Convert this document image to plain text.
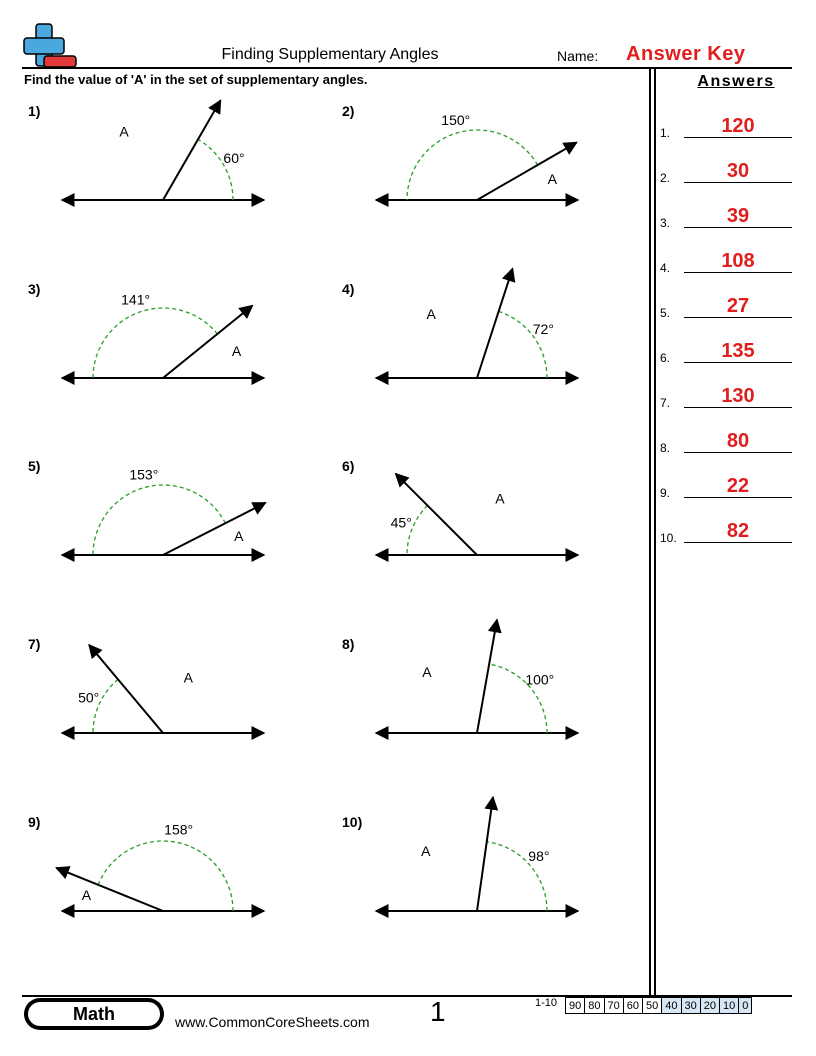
Finding Supplementary Angles	Name: Answer Key
Find the value of 'A' in the set of supplementary angles.	Answers
1.	120
2.	30
3.	39
4.	108
5.	27
6.	135
7.	130
8.	80
9.	22
10.	82
60°
A
1)
150°
A
2)
141°
A
3)
72°
A
4)
153°
A
5)
45°
A
6)
50°
A
7)
100°
A
8)
158°
A
9)
98°
A
10)
Math	www.CommonCoreSheets.com 1	1-10 90	80	70	60	50	40	30	20	10	0
